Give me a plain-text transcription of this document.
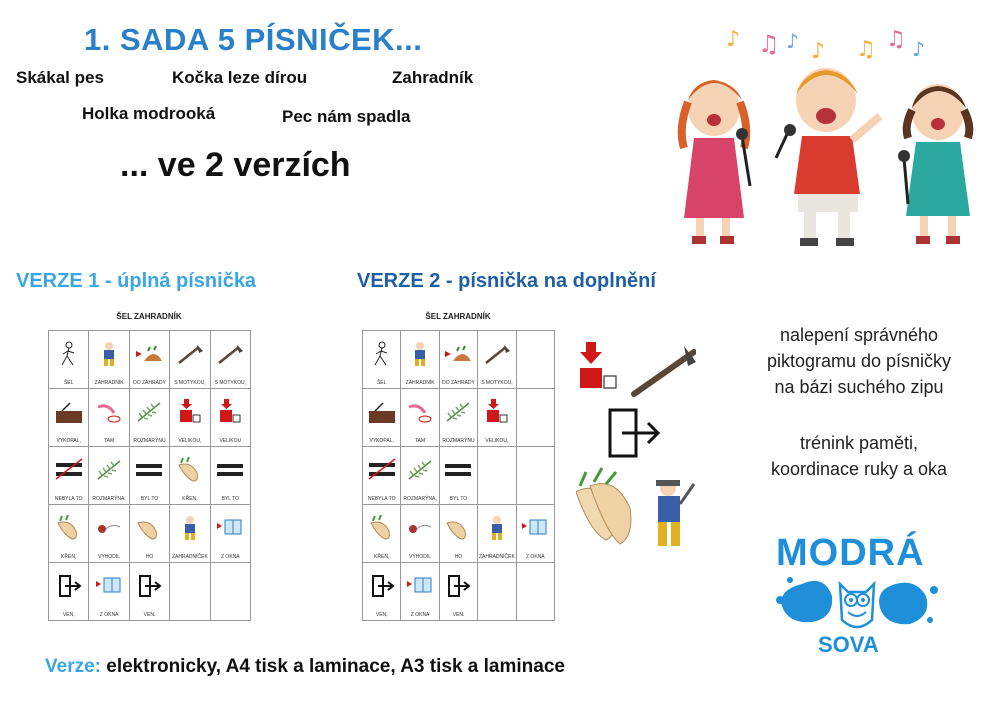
1. SADA 5 PÍSNIČEK...
Skákal pes	Kočka leze dírou	Zahradník
Holka modrooká	Pec nám spadla
... ve 2 verzích
♪	♪ ♫
♫	♫
♪	♪
VERZE 1 - úplná písnička	VERZE 2 - písnička na doplnění
ŠEL ZAHRADNÍK
ŠEL	ZAHRADNÍK	DO ZAHRADY	S MOTYKOU,	S MOTYKOU,
VYKOPAL,	TAM	ROZMARÝNU	VELIKOU,	VELIKOU
NEBYLA TO	ROZMARÝNA,	BYL TO	KŘEN,	BYL TO
KŘEN,	VYHODIL	HO	ZAHRADNÍČEK	Z OKNA
VEN,	Z OKNA	VEN.
ŠEL ZAHRADNÍK
ŠEL	ZAHRADNÍK	DO ZAHRADY	S MOTYKOU,
VYKOPAL,	TAM	ROZMARÝNU	VELIKOU,
NEBYLA TO	ROZMARÝNA,	BYL TO
KŘEN,	VYHODIL	HO	ZAHRADNÍČEK	Z OKNA
VEN,	Z OKNA	VEN.
nalepení správného
piktogramu do písničky
na bázi suchého zipu
trénink paměti,
koordinace ruky a oka
MODRÁ
SOVA
Verze: elektronicky, A4 tisk a laminace, A3 tisk a laminace
